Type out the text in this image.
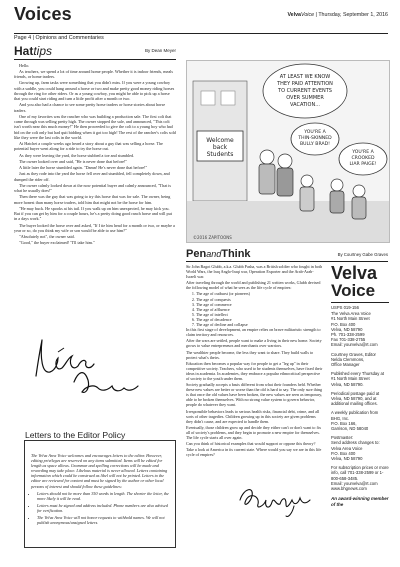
Voices	VelvaVoice | Thursday, September 1, 2016
Page 4 | Opinions and Commentaries
Hattips	By Dean Meyer

Hello.

As teachers, we spend a lot of time around home people. Whether it is indoor friends, meals friends, or home traders.

Growing up, farm tasks were something that you didn't miss. If you were a young cowboy with a saddle, you could hang around a horse or two and make pretty good money riding horses through the ring for other riders. Or as a young cowboy, you might be able to pick up a horse that you could start riding and turn a little profit after a month or two.

And you also had a chance to see some pretty horse traders or horse stories about horse traders.

One of my favorites was the rancher who was building a production sale. The first colt that came through was selling pretty high. The owner stopped the sale, and announced, "This colt isn't worth near this much money!" He then proceeded to give the colt to a young boy who had bid on the colt only but had quit bidding when it got too high! The rest of the rancher's colts sold like they were the last colts in the world.

At Hatchet a couple weeks ago heard a story about a guy that was selling a horse. The potential buyer went along for a ride to try the horse out.

As they were leaving the yard, the horse stubbed a toe and stumbled.

The owner looked over and said, "He is never done that before!"

A little later the horse stumbled again. "Damn! He's never done that before!"

Just as they rode into the yard the horse fell over and stumbled, fell completely down, and dumped the rider off.

The owner calmly looked down at the now potential buyer and calmly announced, "That is what he usually does!"

Then there was the guy that was going to try this horse that was for sale. The owner, being more honest than many horse traders, told him that might not be the horse for him.

"He may buck. He spooks at his tail. If you walk up on him unexpected, he may kick you. But if you can get by him for a couple hours, he's a pretty doing good ranch horse and will put in a days work."

The buyer looked the horse over and asked, "If I tie him head for a month or two, or maybe a year or so, do you think my wife or son would be able to use him?"

"Absolutely not", the owner said.

"Good," the buyer exclaimed! "I'll take him."

The Velva Area Voice welcomes and encourages letters to the editor. However, editing privileges are reserved on any items submitted. Items will be edited for length as space allows. Grammar and spelling corrections will be made and rewording may take place. Libelous material is never allowed. Letters containing information which could be construed as libel will not be printed. Letters to the editor are reviewed for content and must be signed by the author or other local persons of interest and should follow these guidelines:
• Letters should not be more than 350 words in length. The shorter the letter, the more likely it will be read.
• Letters must be signed and address included. Phone numbers are also advised for verification.
• The Velva Area Voice will not honor requests to withhold names. We will not publish anonymous/unsigned letters.
Letters to the Editor Policy
Welcome
back
Students
AT LEAST WE KNOW
THEY PAID ATTENTION
TO CURRENT EVENTS
OVER SUMMER
VACATION...
YOU'RE A
THIN-SKINNED
BULLY BRAD!
YOU'RE A
CROOKED
LIAR PAIGE!
©2016 ZAPITOONS
PenandThink	By Courtney Gabe Graves

Sir John Bagot Glubb, a.k.a. Glubb Pasha, was a British soldier who fought in both World Wars, the lraq Anglo-Iraqi war, Operation Exporter and the Arab-Arab-Israeli war.

After traveling through the world and publishing 21 written works, Glubb devised the following model of what he sees as the life cycle of empires:

1. The age of outburst (or pioneers)
2. The age of conquests
3. The age of commerce
4. The age of affluence
5. The age of intellect
6. The age of decadence
7. The age of decline and collapse

In this first stage of development, an empire relies on brave militaristic strength to claim territory and resources.

After the wars are settled, people want to make a living in their new home. Society grows to value entrepreneurs and merchants over warriors.

The wealthier people become, the less they want to share. They build walls to protect what's theirs.

Education then becomes a popular way for people to get a "leg up" in their competitive society. Teachers, who used to be students themselves, have fixed their ideas in academia. In academies, they embrace a popular ethnocritical perspective of society to the youth under them.

Society gradually accepts a basis different from what their founders held. Whether these new values are better or worse than the old is hard to say. The only sure thing is that once the old values have been broken, the new values are seen as temporary, able to be broken themselves. With no strong value system to govern behavior, people do whatever they want.

Irresponsible behaviors leads to serious health risks, financial debt, crime, and all sorts of other tragedies. Children growing up in this society are given problems they didn't cause, and are expected to handle them.

Eventually, those children grow up and decide they either can't or don't want to fix all of society's problems, and they begin to promote a new empire for themselves. The life cycle starts all over again.

Can you think of historical examples that would support or oppose this theory?

Take a look at America in its current state. Where would you say we are in this life cycle of empires?

Velva
Voice

USPS 019-156

The Velva Area Voice
#1 North Main Street
P.O. Box 400
Velva, ND 58790
Ph. 701-338-2599
Fax 701-338-2755
Email: yourvelva@rt.com

Courtney Graves, Editor
Nelda Clemmons,
Office Manager

Published every Thursday at #1 North Main Street
Velva, ND 58790.

Periodical postage paid at Velva, ND 58790, and at additional mailing offices.

A weekly publication from BHG, Inc.
P.O. Box 166,
Garrison, ND 58040

Postmaster:
Send address changes to:
Velva Area Voice
P.O. Box 400
Velva, ND 58790

For subscription prices or more info, call 701-338-2599 or 1-800-658-3485.
Email: yourvelva@rt.com
www.bhgnews.com

An award-winning member of the
